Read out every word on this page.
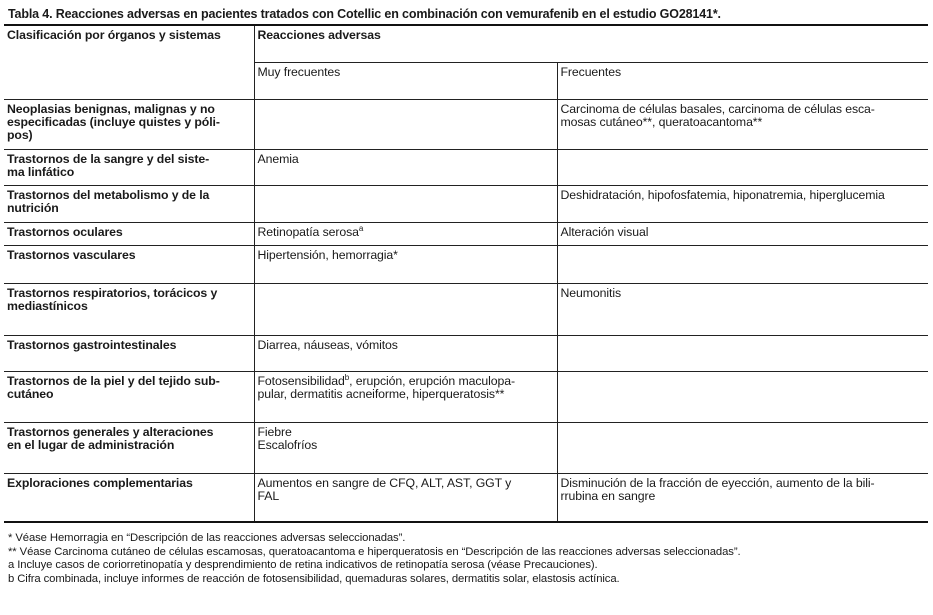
Tabla 4. Reacciones adversas en pacientes tratados con Cotellic en combinación con vemurafenib en el estudio GO28141*.
Clasificación por órganos y sistemas	Reacciones adversas	
	Muy frecuentes	Frecuentes

Neoplasias benignas, malignas y no
especificadas (incluye quistes y póli-
pos)		Carcinoma de células basales, carcinoma de células esca-
mosas cutáneo**, queratoacantoma**

Trastornos de la sangre y del siste-
ma linfático	Anemia	

Trastornos del metabolismo y de la
nutrición		Deshidratación, hipofosfatemia, hiponatremia, hiperglucemia
Trastornos oculares	Retinopatía serosa$^a$	Alteración visual
Trastornos vasculares	Hipertensión, hemorragia*	

Trastornos respiratorios, torácicos y
mediastínicos		Neumonitis
Trastornos gastrointestinales	Diarrea, náuseas, vómitos	

Trastornos de la piel y del tejido sub-
cutáneo	Fotosensibilidad$^b$, erupción, erupción maculopa-
pular, dermatitis acneiforme, hiperqueratosis**	

Trastornos generales y alteraciones
en el lugar de administración	Fiebre
Escalofríos	

Exploraciones complementarias	Aumentos en sangre de CFQ, ALT, AST, GGT y
FAL	Disminución de la fracción de eyección, aumento de la bili-
rrubina en sangre
* Véase Hemorragia en “Descripción de las reacciones adversas seleccionadas”.
** Véase Carcinoma cutáneo de células escamosas, queratoacantoma e hiperqueratosis en “Descripción de las reacciones adversas seleccionadas”.
a Incluye casos de coriorretinopatía y desprendimiento de retina indicativos de retinopatía serosa (véase Precauciones).
b Cifra combinada, incluye informes de reacción de fotosensibilidad, quemaduras solares, dermatitis solar, elastosis actínica.
